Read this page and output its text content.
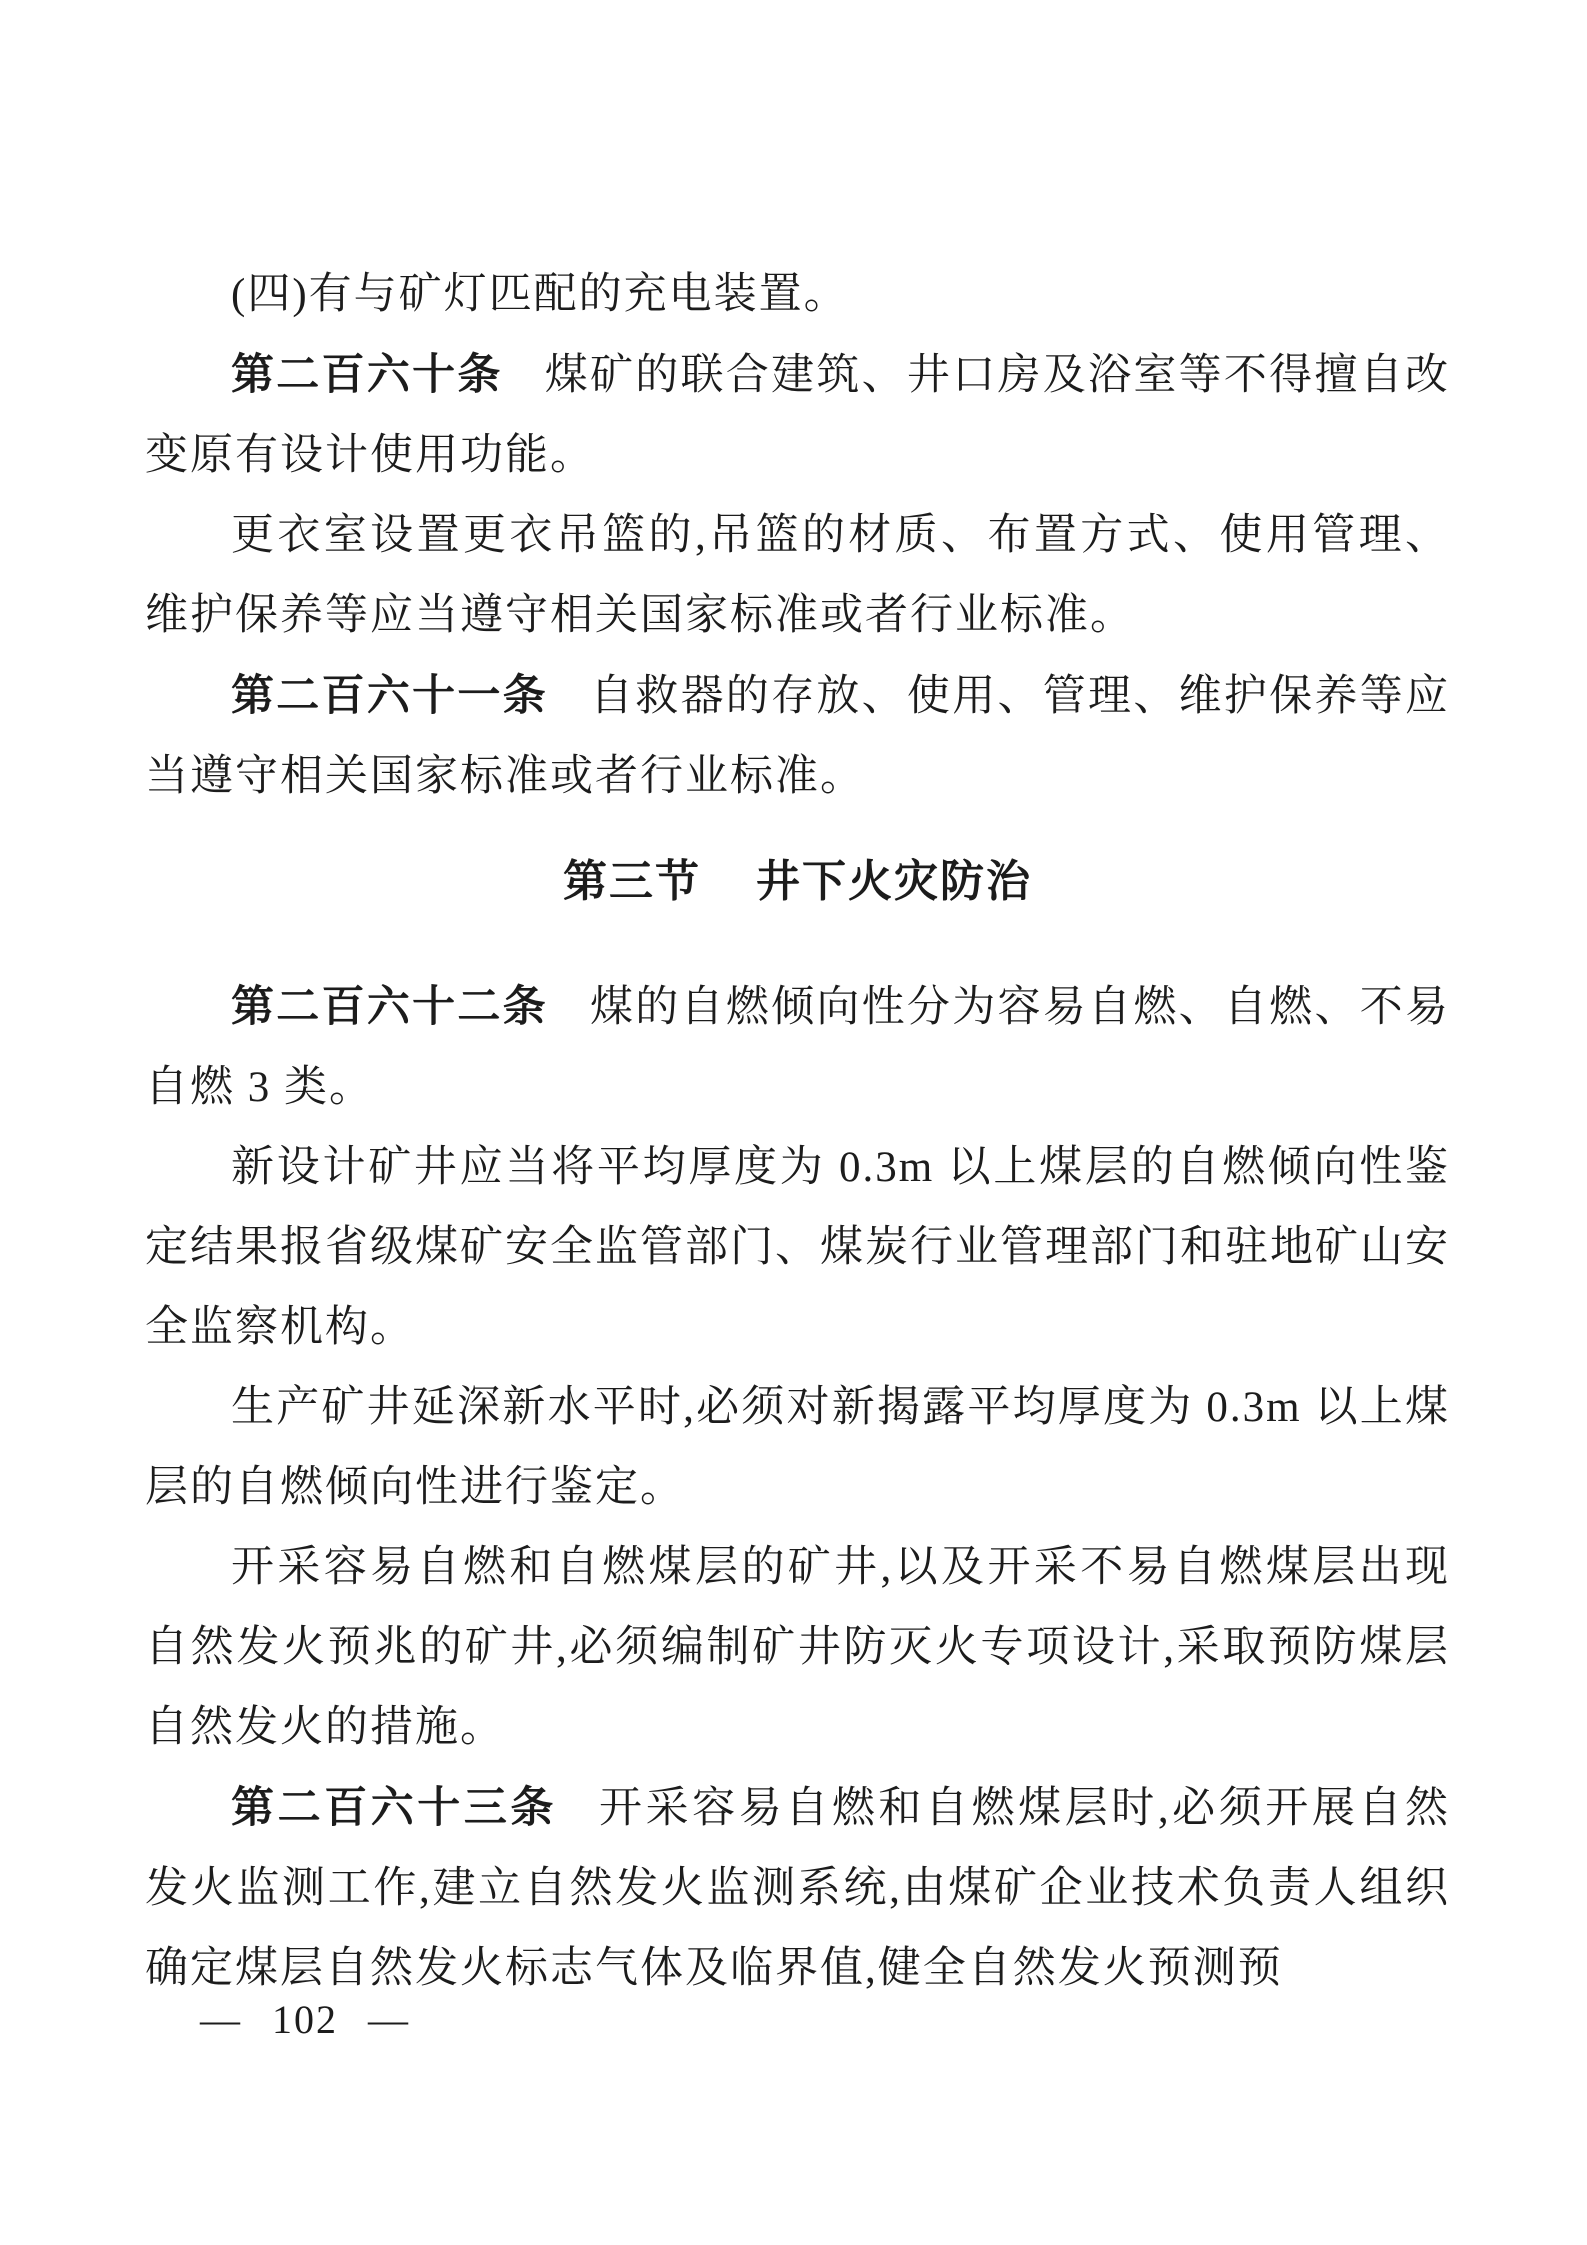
(四)有与矿灯匹配的充电装置。

第二百六十条 煤矿的联合建筑、井口房及浴室等不得擅自改变原有设计使用功能。

更衣室设置更衣吊篮的,吊篮的材质、布置方式、使用管理、维护保养等应当遵守相关国家标准或者行业标准。

第二百六十一条 自救器的存放、使用、管理、维护保养等应当遵守相关国家标准或者行业标准。

第三节 井下火灾防治

第二百六十二条 煤的自燃倾向性分为容易自燃、自燃、不易自燃 3 类。

新设计矿井应当将平均厚度为 0.3m 以上煤层的自燃倾向性鉴定结果报省级煤矿安全监管部门、煤炭行业管理部门和驻地矿山安全监察机构。

生产矿井延深新水平时,必须对新揭露平均厚度为 0.3m 以上煤层的自燃倾向性进行鉴定。

开采容易自燃和自燃煤层的矿井,以及开采不易自燃煤层出现自然发火预兆的矿井,必须编制矿井防灭火专项设计,采取预防煤层自然发火的措施。

第二百六十三条 开采容易自燃和自燃煤层时,必须开展自然发火监测工作,建立自然发火监测系统,由煤矿企业技术负责人组织确定煤层自然发火标志气体及临界值,健全自然发火预测预

— 102 —
